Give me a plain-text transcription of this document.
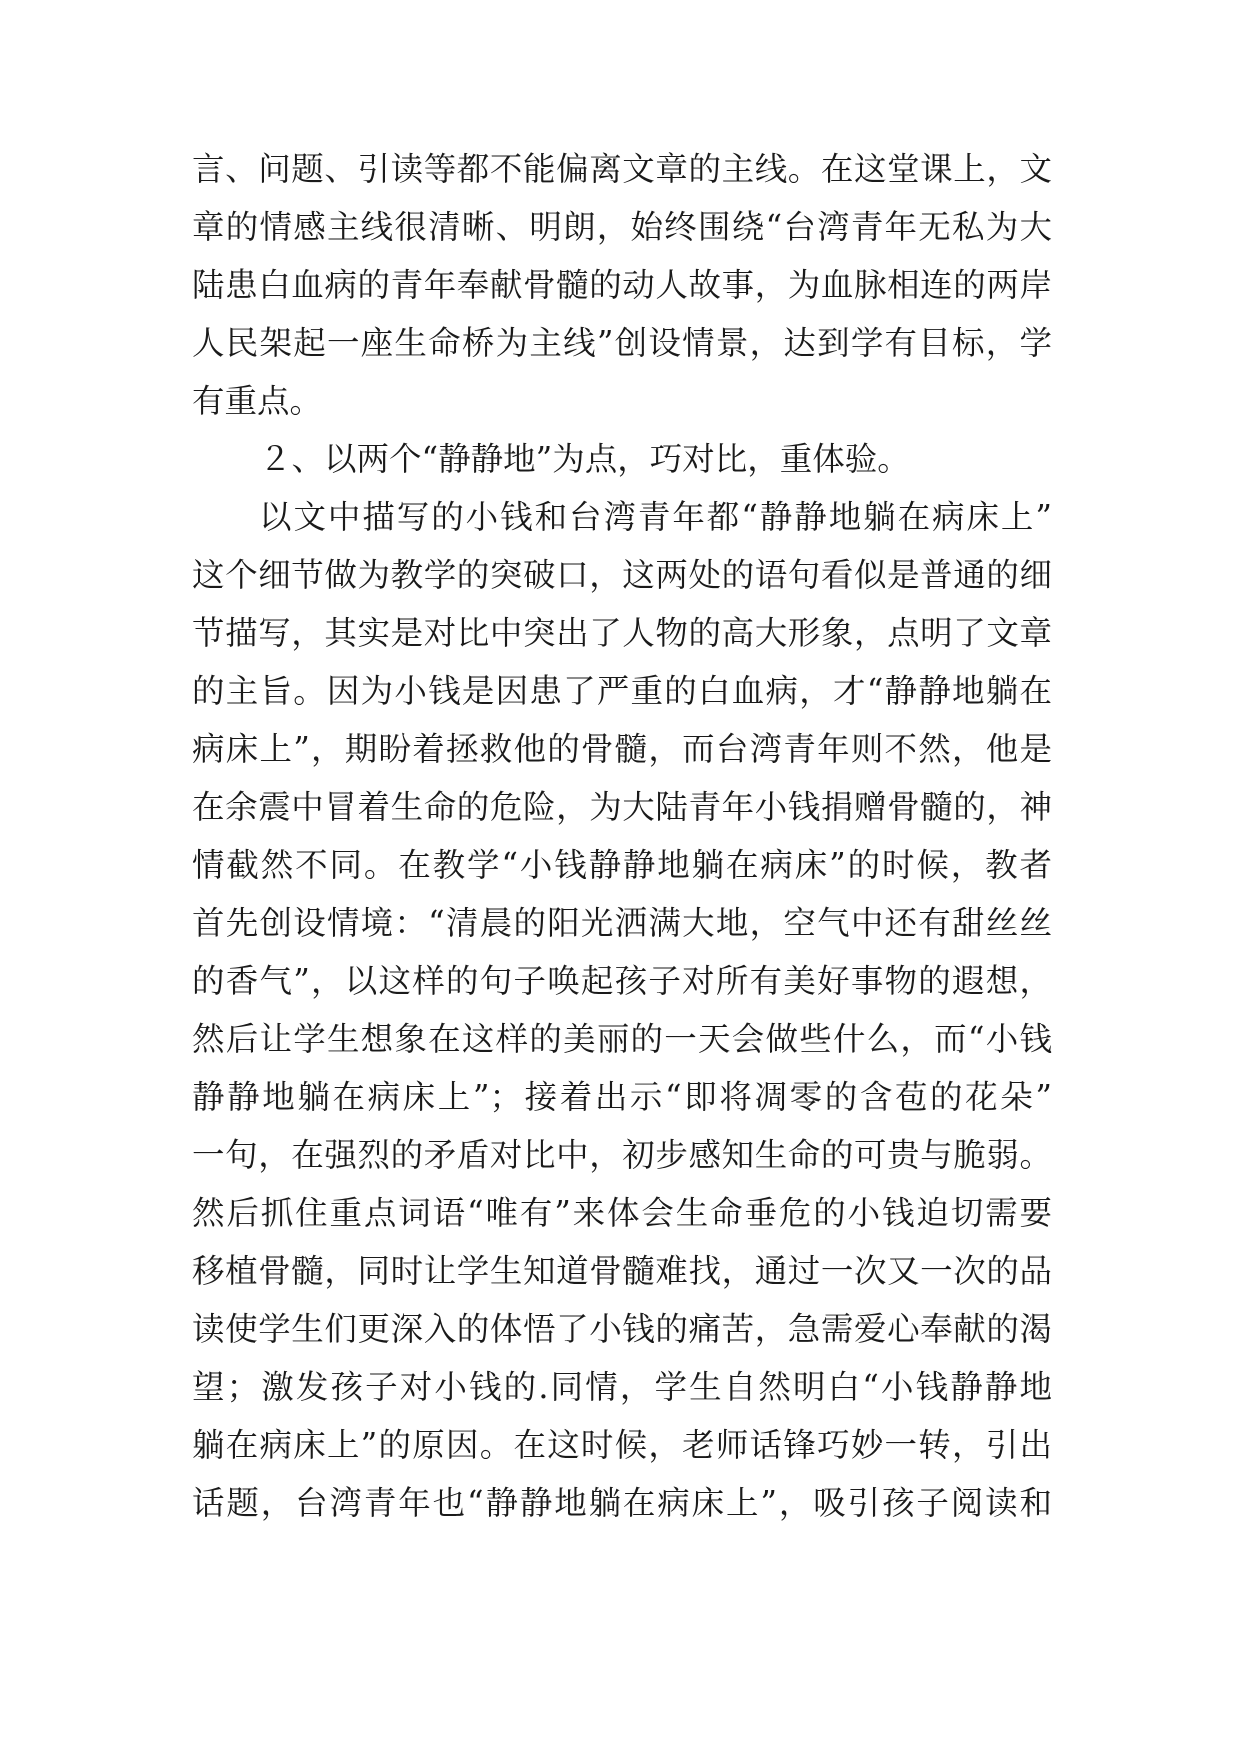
言、问题、引读等都不能偏离文章的主线。在这堂课上，文
章的情感主线很清晰、明朗，始终围绕“台湾青年无私为大
陆患白血病的青年奉献骨髓的动人故事，为血脉相连的两岸
人民架起一座生命桥为主线”创设情景，达到学有目标，学
有重点。
２、以两个“静静地”为点，巧对比，重体验。
以文中描写的小钱和台湾青年都“静静地躺在病床上”
这个细节做为教学的突破口，这两处的语句看似是普通的细
节描写，其实是对比中突出了人物的高大形象，点明了文章
的主旨。因为小钱是因患了严重的白血病，才“静静地躺在
病床上”，期盼着拯救他的骨髓，而台湾青年则不然，他是
在余震中冒着生命的危险，为大陆青年小钱捐赠骨髓的，神
情截然不同。在教学“小钱静静地躺在病床”的时候，教者
首先创设情境：“清晨的阳光洒满大地，空气中还有甜丝丝
的香气”，以这样的句子唤起孩子对所有美好事物的遐想，
然后让学生想象在这样的美丽的一天会做些什么，而“小钱
静静地躺在病床上”；接着出示“即将凋零的含苞的花朵”
一句，在强烈的矛盾对比中，初步感知生命的可贵与脆弱。
然后抓住重点词语“唯有”来体会生命垂危的小钱迫切需要
移植骨髓，同时让学生知道骨髓难找，通过一次又一次的品
读使学生们更深入的体悟了小钱的痛苦，急需爱心奉献的渴
望；激发孩子对小钱的.同情，学生自然明白“小钱静静地
躺在病床上”的原因。在这时候，老师话锋巧妙一转，引出
话题，台湾青年也“静静地躺在病床上”，吸引孩子阅读和
